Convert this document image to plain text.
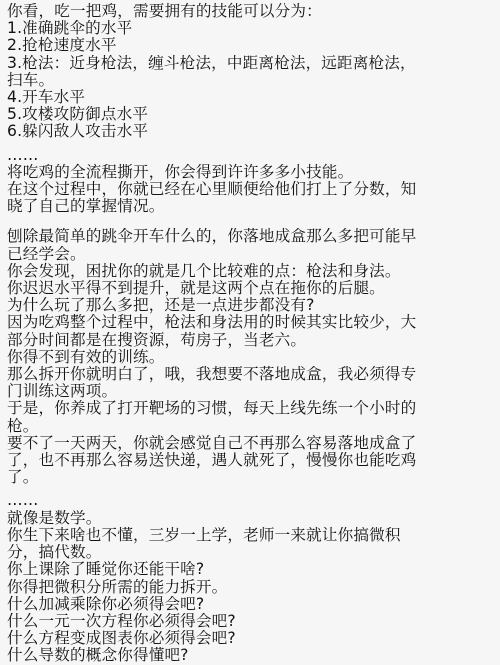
你看，吃一把鸡，需要拥有的技能可以分为：
1.准确跳伞的水平
2.抢枪速度水平
3.枪法：近身枪法，缠斗枪法，中距离枪法，远距离枪法，
扫车。
4.开车水平
5.攻楼攻防御点水平
6.躲闪敌人攻击水平
……
将吃鸡的全流程撕开，你会得到许许多多小技能。
在这个过程中，你就已经在心里顺便给他们打上了分数，知
晓了自己的掌握情况。
刨除最简单的跳伞开车什么的，你落地成盒那么多把可能早
已经学会。
你会发现，困扰你的就是几个比较难的点：枪法和身法。
你迟迟水平得不到提升，就是这两个点在拖你的后腿。
为什么玩了那么多把，还是一点进步都没有?
因为吃鸡整个过程中，枪法和身法用的时候其实比较少，大
部分时间都是在搜资源，苟房子，当老六。
你得不到有效的训练。
那么拆开你就明白了，哦，我想要不落地成盒，我必须得专
门训练这两项。
于是，你养成了打开靶场的习惯，每天上线先练一个小时的
枪。
要不了一天两天，你就会感觉自己不再那么容易落地成盒了
了，也不再那么容易送快递，遇人就死了，慢慢你也能吃鸡
了。
……
就像是数学。
你生下来啥也不懂，三岁一上学，老师一来就让你搞微积
分，搞代数。
你上课除了睡觉你还能干啥?
你得把微积分所需的能力拆开。
什么加减乘除你必须得会吧?
什么一元一次方程你必须得会吧?
什么方程变成图表你必须得会吧?
什么导数的概念你得懂吧?
